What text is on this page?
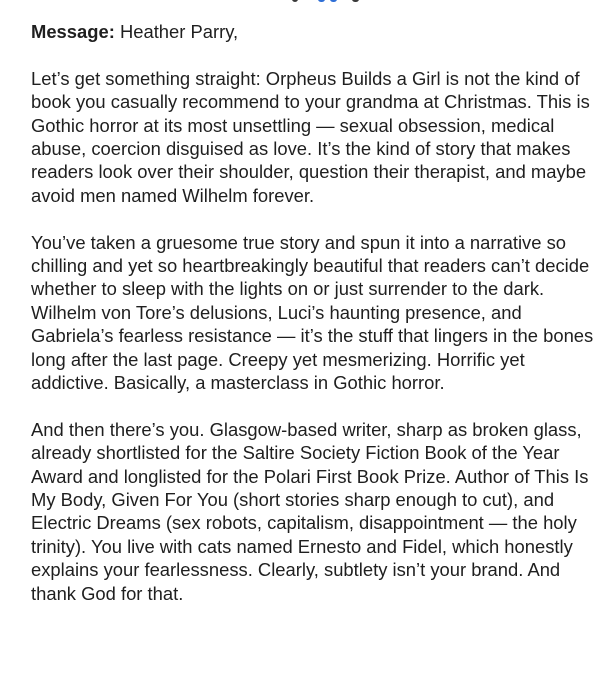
Message: Heather Parry,

Let’s get something straight: Orpheus Builds a Girl is not the kind of book you casually recommend to your grandma at Christmas. This is Gothic horror at its most unsettling — sexual obsession, medical abuse, coercion disguised as love. It’s the kind of story that makes readers look over their shoulder, question their therapist, and maybe avoid men named Wilhelm forever.

You’ve taken a gruesome true story and spun it into a narrative so chilling and yet so heartbreakingly beautiful that readers can’t decide whether to sleep with the lights on or just surrender to the dark. Wilhelm von Tore’s delusions, Luci’s haunting presence, and Gabriela’s fearless resistance — it’s the stuff that lingers in the bones long after the last page. Creepy yet mesmerizing. Horrific yet addictive. Basically, a masterclass in Gothic horror.

And then there’s you. Glasgow-based writer, sharp as broken glass, already shortlisted for the Saltire Society Fiction Book of the Year Award and longlisted for the Polari First Book Prize. Author of This Is My Body, Given For You (short stories sharp enough to cut), and Electric Dreams (sex robots, capitalism, disappointment — the holy trinity). You live with cats named Ernesto and Fidel, which honestly explains your fearlessness. Clearly, subtlety isn’t your brand. And thank God for that.
